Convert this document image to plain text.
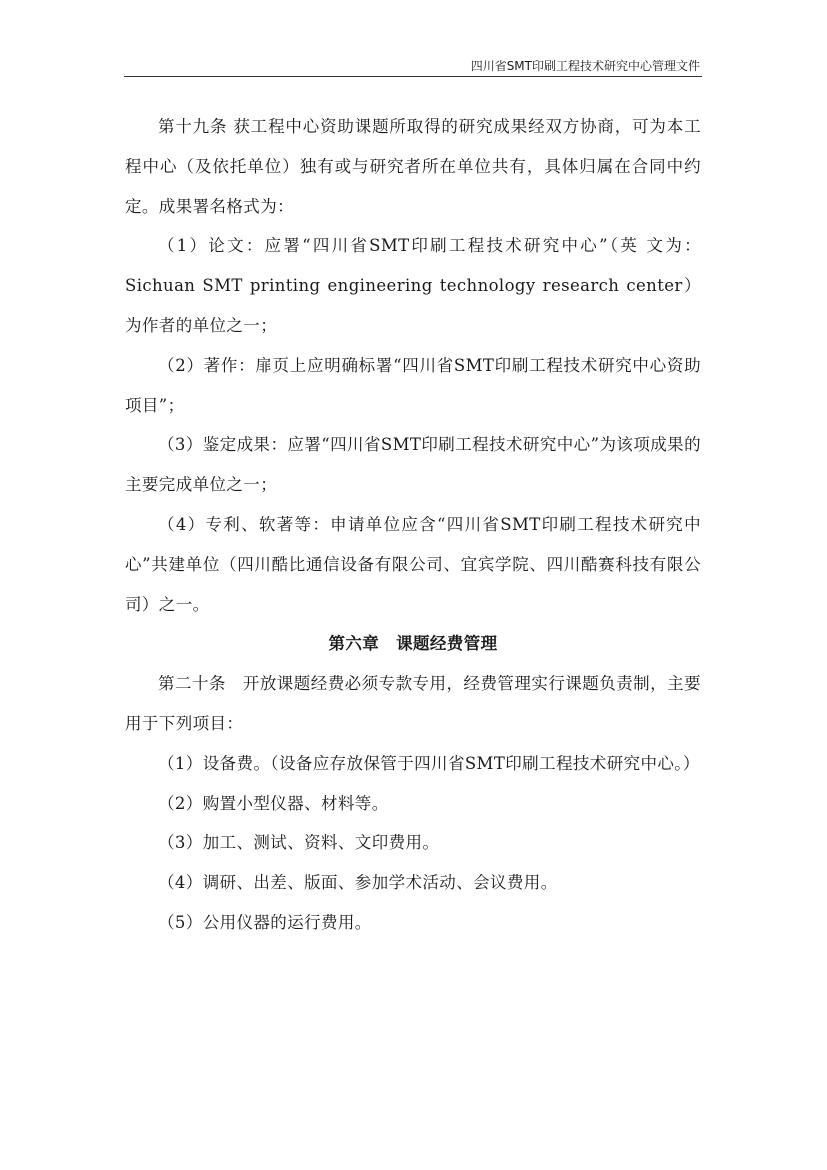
四川省SMT印刷工程技术研究中心管理文件

第十九条 获工程中心资助课题所取得的研究成果经双方协商，可为本工程中心（及依托单位）独有或与研究者所在单位共有，具体归属在合同中约定。成果署名格式为：

（1）论文：应署“四川省SMT印刷工程技术研究中心”（英 文为：Sichuan SMT printing engineering technology research center）为作者的单位之一；

（2）著作：扉页上应明确标署“四川省SMT印刷工程技术研究中心资助项目”；

（3）鉴定成果：应署“四川省SMT印刷工程技术研究中心”为该项成果的主要完成单位之一；

（4）专利、软著等：申请单位应含“四川省SMT印刷工程技术研究中心”共建单位（四川酷比通信设备有限公司、宜宾学院、四川酷赛科技有限公司）之一。

第六章　课题经费管理

第二十条　开放课题经费必须专款专用，经费管理实行课题负责制，主要用于下列项目：

（1）设备费。（设备应存放保管于四川省SMT印刷工程技术研究中心。）

（2）购置小型仪器、材料等。

（3）加工、测试、资料、文印费用。

（4）调研、出差、版面、参加学术活动、会议费用。

（5）公用仪器的运行费用。
